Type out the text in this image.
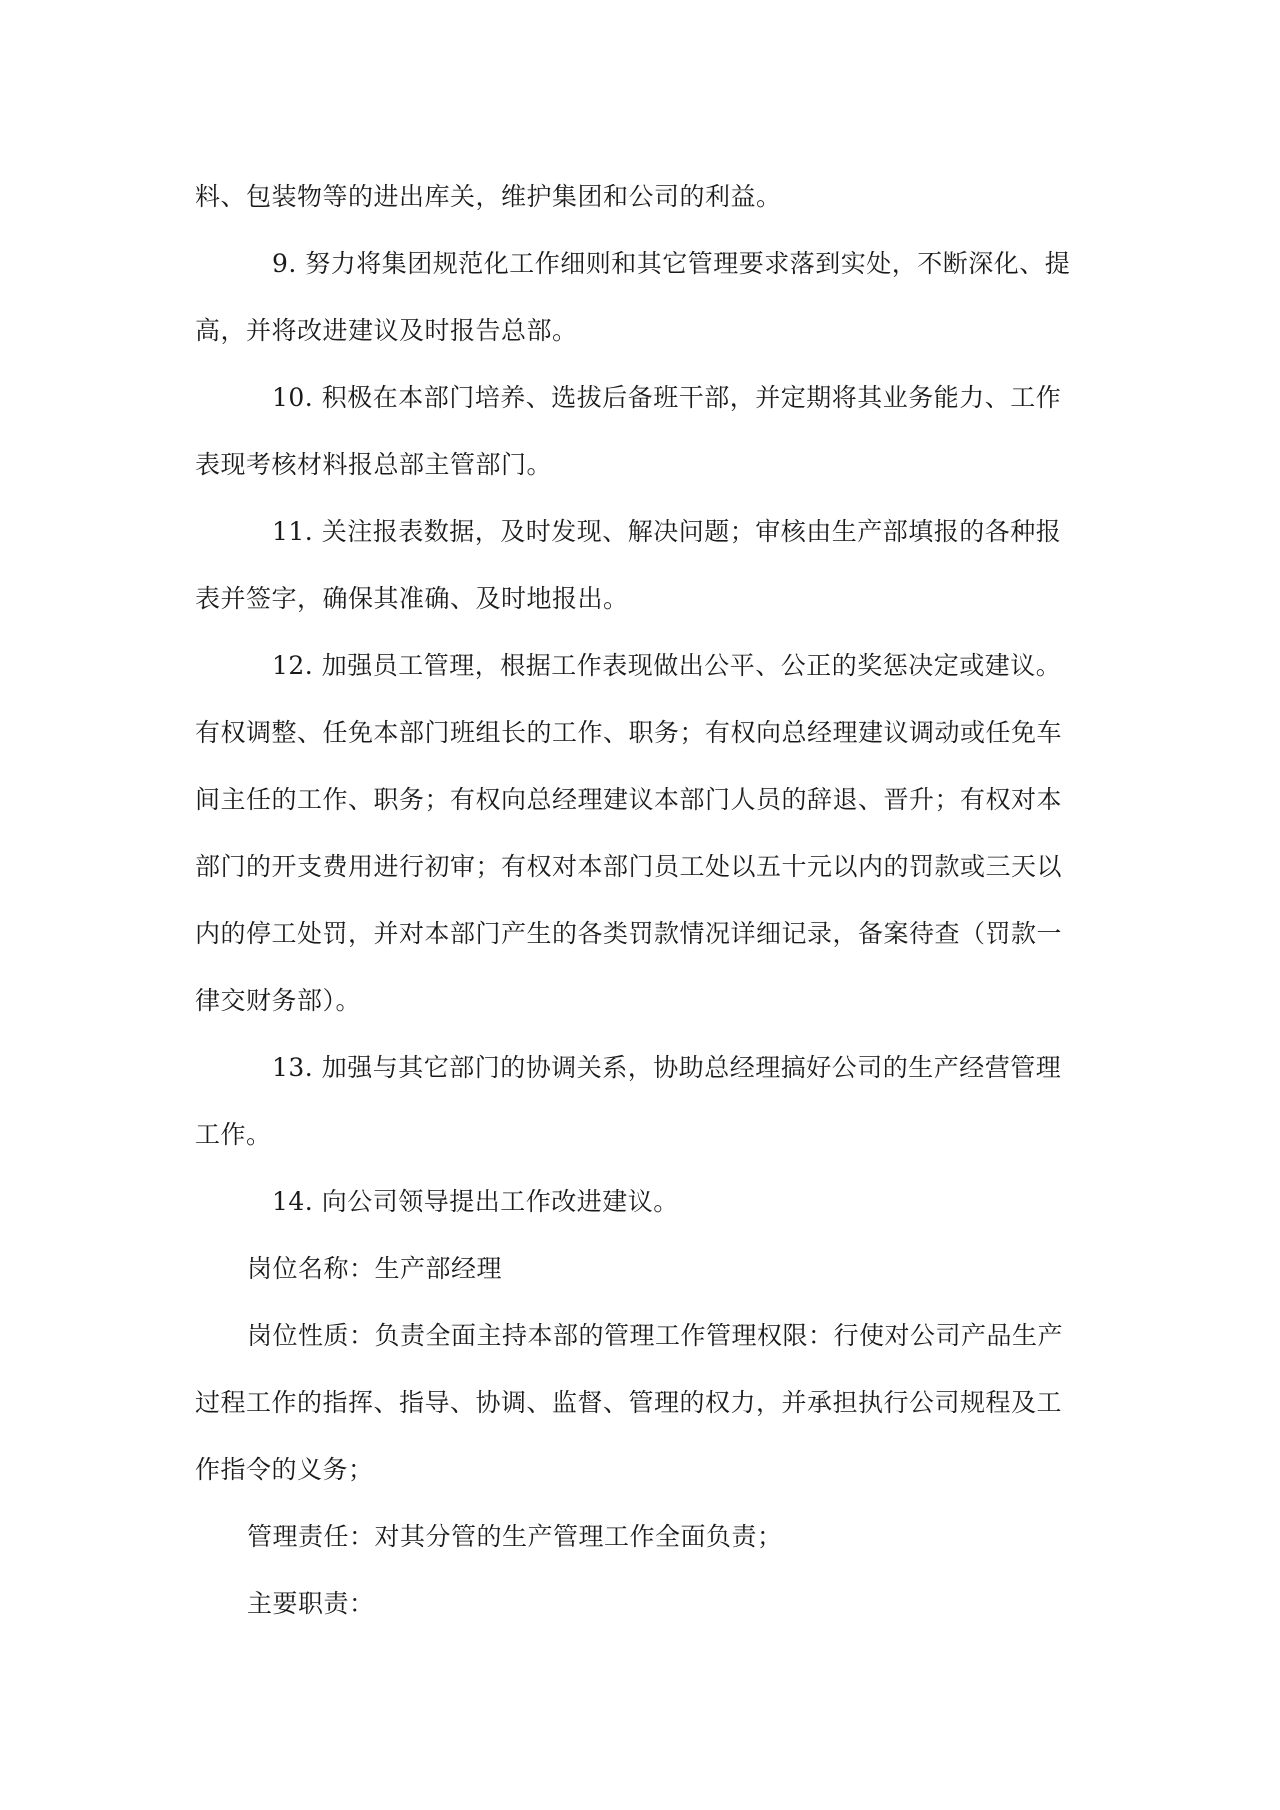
料、包装物等的进出库关，维护集团和公司的利益。
9. 努力将集团规范化工作细则和其它管理要求落到实处，不断深化、提
高，并将改进建议及时报告总部。
10. 积极在本部门培养、选拔后备班干部，并定期将其业务能力、工作
表现考核材料报总部主管部门。
11. 关注报表数据，及时发现、解决问题；审核由生产部填报的各种报
表并签字，确保其准确、及时地报出。
12. 加强员工管理，根据工作表现做出公平、公正的奖惩决定或建议。
有权调整、任免本部门班组长的工作、职务；有权向总经理建议调动或任免车
间主任的工作、职务；有权向总经理建议本部门人员的辞退、晋升；有权对本
部门的开支费用进行初审；有权对本部门员工处以五十元以内的罚款或三天以
内的停工处罚，并对本部门产生的各类罚款情况详细记录，备案待查（罚款一
律交财务部）。
13. 加强与其它部门的协调关系，协助总经理搞好公司的生产经营管理
工作。
14. 向公司领导提出工作改进建议。
岗位名称：生产部经理
岗位性质：负责全面主持本部的管理工作管理权限：行使对公司产品生产
过程工作的指挥、指导、协调、监督、管理的权力，并承担执行公司规程及工
作指令的义务；
管理责任：对其分管的生产管理工作全面负责；
主要职责：
